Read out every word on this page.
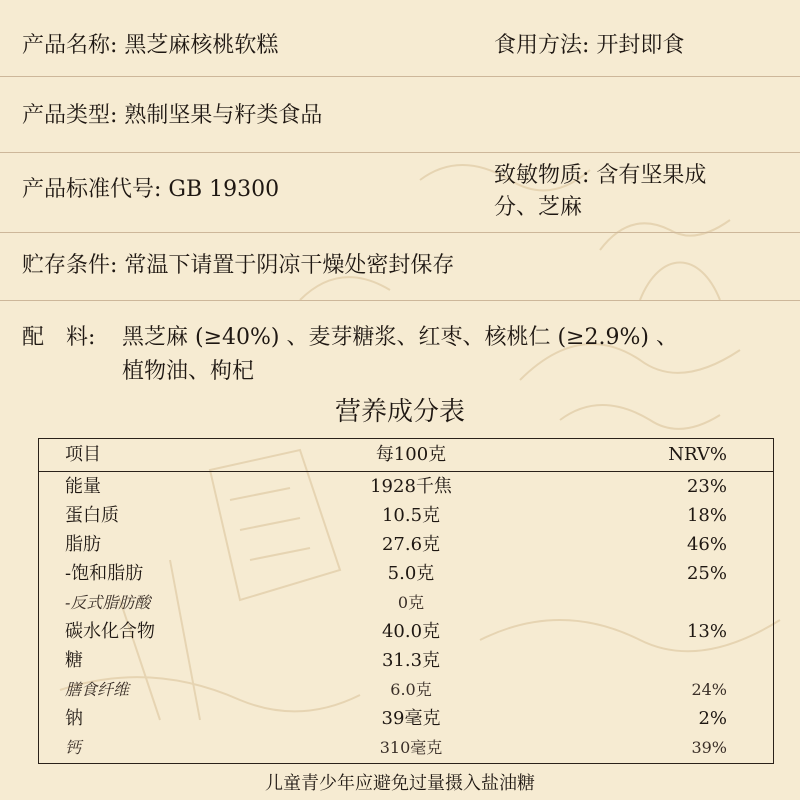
产品名称: 黑芝麻核桃软糕	食用方法: 开封即食
产品类型: 熟制坚果与籽类食品
产品标准代号: GB 19300
致敏物质: 含有坚果成
分、芝麻
贮存条件: 常温下请置于阴凉干燥处密封保存
配　料: 黑芝麻 (≥40%) 、麦芽糖浆、红枣、核桃仁 (≥2.9%) 、
植物油、枸杞
营养成分表
项目	每100克	NRV%
能量	1928千焦	23%
蛋白质	10.5克	18%
脂肪	27.6克	46%
-饱和脂肪	5.0克	25%
-反式脂肪酸	0克
碳水化合物	40.0克	13%
糖	31.3克
膳食纤维	6.0克	24%
钠	39毫克	2%
钙	310毫克	39%
儿童青少年应避免过量摄入盐油糖
